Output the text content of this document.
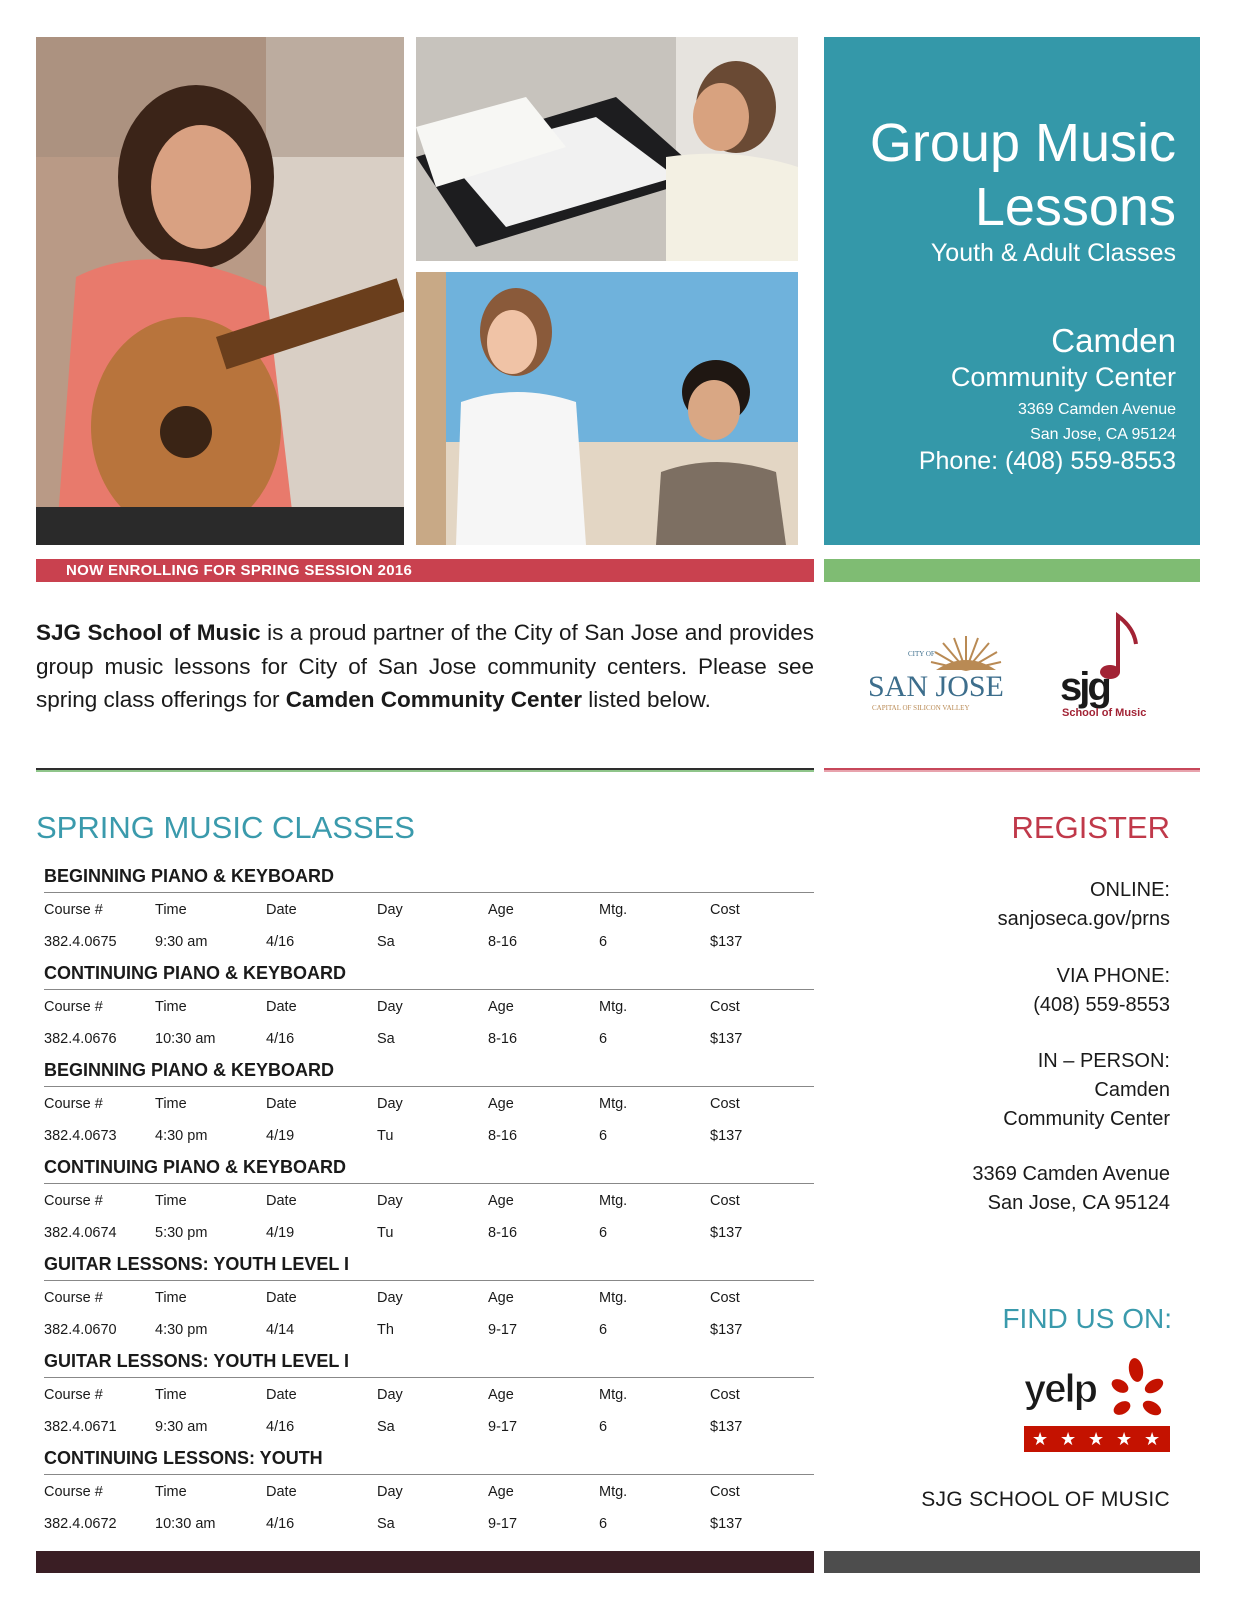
Group Music
Lessons
Youth & Adult Classes
Camden
Community Center
3369 Camden Avenue
San Jose, CA 95124
Phone: (408) 559-8553
NOW ENROLLING FOR SPRING SESSION 2016
SJG School of Music is a proud partner of the City of San Jose and provides group music lessons for City of San Jose community centers. Please see spring class offerings for Camden Community Center listed below.
CITY OF
SAN JOSE
CAPITAL OF SILICON VALLEY sjg
School of Music
SPRING MUSIC CLASSES
BEGINNING PIANO & KEYBOARD
Course #	Time	Date	Day	Age	Mtg.	Cost
382.4.0675	9:30 am	4/16	Sa	8-16	6	$137
CONTINUING PIANO & KEYBOARD
Course #	Time	Date	Day	Age	Mtg.	Cost
382.4.0676	10:30 am	4/16	Sa	8-16	6	$137
BEGINNING PIANO & KEYBOARD
Course #	Time	Date	Day	Age	Mtg.	Cost
382.4.0673	4:30 pm	4/19	Tu	8-16	6	$137
CONTINUING PIANO & KEYBOARD
Course #	Time	Date	Day	Age	Mtg.	Cost
382.4.0674	5:30 pm	4/19	Tu	8-16	6	$137
GUITAR LESSONS: YOUTH LEVEL I
Course #	Time	Date	Day	Age	Mtg.	Cost
382.4.0670	4:30 pm	4/14	Th	9-17	6	$137
GUITAR LESSONS: YOUTH LEVEL I
Course #	Time	Date	Day	Age	Mtg.	Cost
382.4.0671	9:30 am	4/16	Sa	9-17	6	$137
CONTINUING LESSONS: YOUTH
Course #	Time	Date	Day	Age	Mtg.	Cost
382.4.0672	10:30 am	4/16	Sa	9-17	6	$137
REGISTER
ONLINE:
sanjoseca.gov/prns
VIA PHONE:
(408) 559-8553
IN – PERSON:
Camden
Community Center
3369 Camden Avenue
San Jose, CA 95124
FIND US ON:
yelp
★ ★ ★ ★ ★
SJG SCHOOL OF MUSIC
